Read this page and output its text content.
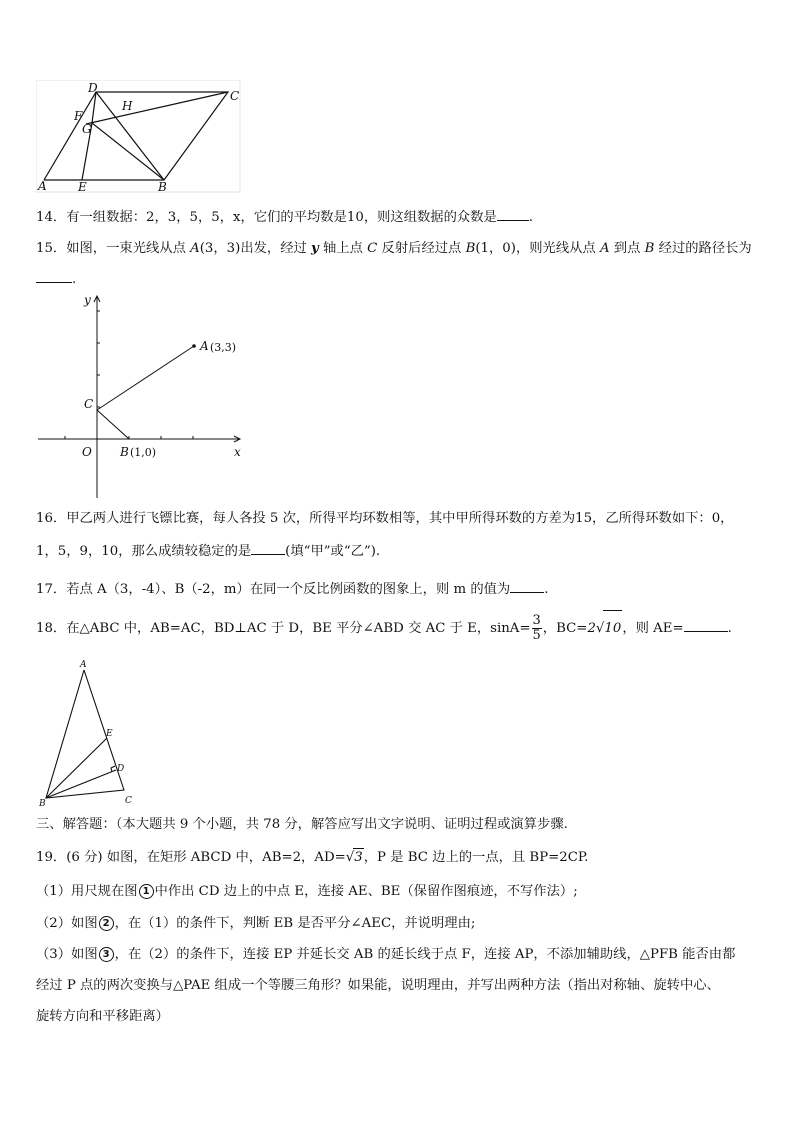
D
C
H
F
G
A	E	B
14．有一组数据：2，3，5，5，x，它们的平均数是10，则这组数据的众数是 .
15．如图，一束光线从点 A(3，3)出发，经过 y 轴上点 C 反射后经过点 B(1，0)，则光线从点 A 到点 B 经过的路径长为
.
y
x
O
C
A (3,3)
B (1,0)
16．甲乙两人进行飞镖比赛，每人各投 5 次，所得平均环数相等，其中甲所得环数的方差为15，乙所得环数如下：0，
1，5，9，10，那么成绩较稳定的是	(填“甲”或“乙”).
17．若点 A（3，-4）、B（-2，m）在同一个反比例函数的图象上，则 m 的值为	.
18．在△ABC 中，AB=AC，BD⊥AC 于 D，BE 平分∠ABD 交 AC 于 E，$\sin A= \frac{3}{5}$ ，BC=2√10，则 AE=	.
A
E
D
B	C
三、解答题：（本大题共 9 个小题，共 78 分，解答应写出文字说明、证明过程或演算步骤.
19．(6 分) 如图，在矩形 ABCD 中，AB=2，AD=√3，P 是 BC 边上的一点，且 BP=2CP.
（1）用尺规在图 1 中作出 CD 边上的中点 E，连接 AE、BE（保留作图痕迹，不写作法）;
（2）如图 2 ，在（1）的条件下，判断 EB 是否平分∠AEC，并说明理由;
（3）如图 3 ，在（2）的条件下，连接 EP 并延长交 AB 的延长线于点 F，连接 AP，不添加辅助线，△PFB 能否由都
经过 P 点的两次变换与△PAE 组成一个等腰三角形？如果能，说明理由，并写出两种方法（指出对称轴、旋转中心、
旋转方向和平移距离）
